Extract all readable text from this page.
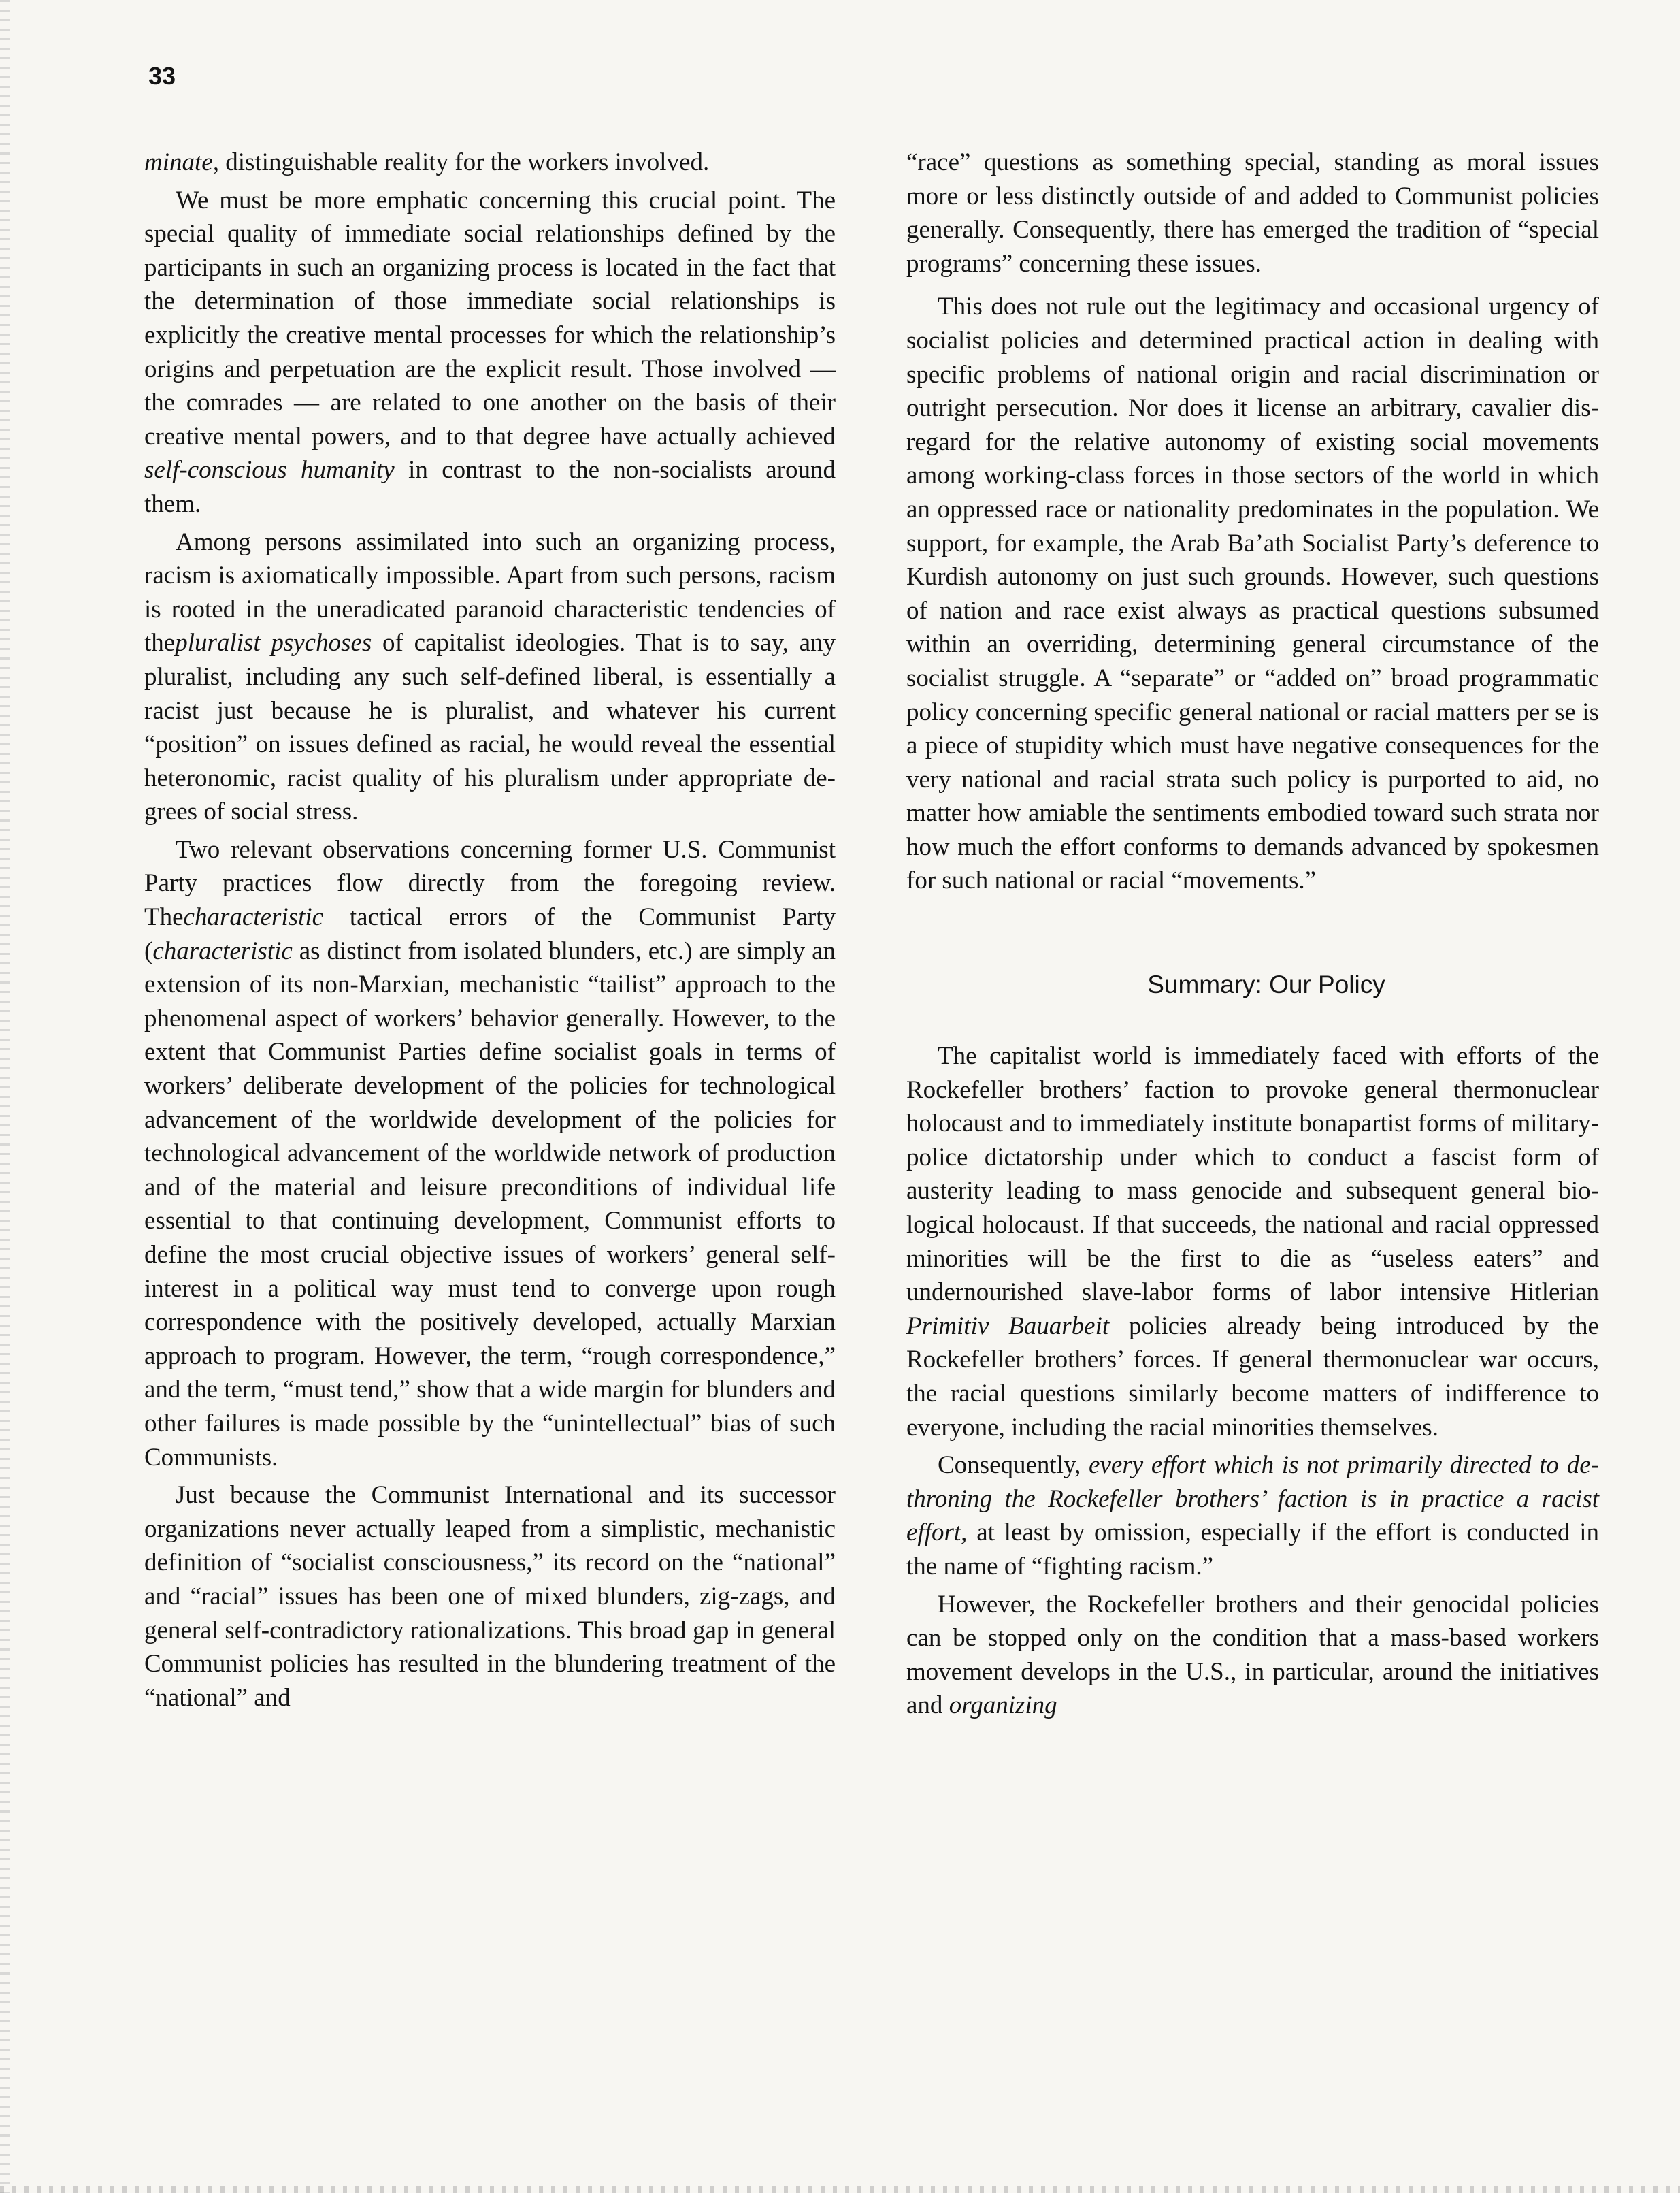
33

minate, distinguishable reality for the workers involved.

We must be more emphatic concerning this crucial point. The special quality of immediate social relationships defined by the participants in such an organizing process is located in the fact that the determination of those immediate social relationships is explicitly the creative mental processes for which the relationship’s origins and perpetuation are the explicit result. Those involved — the comrades — are related to one another on the basis of their creative mental powers, and to that degree have actually achieved self-conscious humanity in contrast to the non-socialists around them.

Among persons assimilated into such an organizing process, racism is axiomatically impossible. Apart from such persons, racism is rooted in the uneradicated paranoid characteristic tendencies of thepluralist psychoses of capitalist ideologies. That is to say, any pluralist, including any such self-defined liberal, is essentially a racist just because he is pluralist, and whatever his current “position” on issues defined as racial, he would reveal the essential heteronomic, racist quality of his pluralism under appropriate degrees of social stress.

Two relevant observations concerning former U.S. Communist Party practices flow directly from the foregoing review. Thecharacteristic tactical errors of the Communist Party (characteristic as distinct from isolated blunders, etc.) are simply an extension of its non-Marxian, mechanistic “tailist” approach to the phenomenal aspect of workers’ behavior generally. However, to the extent that Communist Parties define socialist goals in terms of workers’ deliberate development of the policies for technological advancement of the worldwide development of the policies for technological advancement of the worldwide network of production and of the material and leisure preconditions of individual life essential to that continuing development, Communist efforts to define the most crucial objective issues of workers’ general self-interest in a political way must tend to converge upon rough correspondence with the positively developed, actually Marxian approach to program. However, the term, “rough correspondence,” and the term, “must tend,” show that a wide margin for blunders and other failures is made possible by the “unintellectual” bias of such Communists.

Just because the Communist International and its successor organizations never actually leaped from a simplistic, mechanistic definition of “socialist consciousness,” its record on the “national” and “racial” issues has been one of mixed blunders, zig-zags, and general self-contradictory rationalizations. This broad gap in general Communist policies has resulted in the blundering treatment of the “national” and

“race” questions as something special, standing as moral issues more or less distinctly outside of and added to Communist policies generally. Consequently, there has emerged the tradition of “special programs” concerning these issues.

This does not rule out the legitimacy and occasional urgency of socialist policies and determined practical action in dealing with specific problems of national origin and racial discrimination or outright persecution. Nor does it license an arbitrary, cavalier disregard for the relative autonomy of existing social movements among working-class forces in those sectors of the world in which an oppressed race or nationality predominates in the population. We support, for example, the Arab Ba’ath Socialist Party’s deference to Kurdish autonomy on just such grounds. However, such questions of nation and race exist always as practical questions subsumed within an overriding, determining general circumstance of the socialist struggle. A “separate” or “added on” broad programmatic policy concerning specific general national or racial matters per se is a piece of stupidity which must have negative consequences for the very national and racial strata such policy is purported to aid, no matter how amiable the sentiments embodied toward such strata nor how much the effort conforms to demands advanced by spokesmen for such national or racial “movements.”

Summary: Our Policy

The capitalist world is immediately faced with efforts of the Rockefeller brothers’ faction to provoke general thermonuclear holocaust and to immediately institute bonapartist forms of military-police dictatorship under which to conduct a fascist form of austerity leading to mass genocide and subsequent general biological holocaust. If that succeeds, the national and racial oppressed minorities will be the first to die as “useless eaters” and undernourished slave-labor forms of labor intensive Hitlerian Primitiv Bauarbeit policies already being introduced by the Rockefeller brothers’ forces. If general thermonuclear war occurs, the racial questions similarly become matters of indifference to everyone, including the racial minorities themselves.

Consequently, every effort which is not primarily directed to de-throning the Rockefeller brothers’ faction is in practice a racist effort, at least by omission, especially if the effort is conducted in the name of “fighting racism.”

However, the Rockefeller brothers and their genocidal policies can be stopped only on the condition that a mass-based workers movement develops in the U.S., in particular, around the initiatives and organizing
